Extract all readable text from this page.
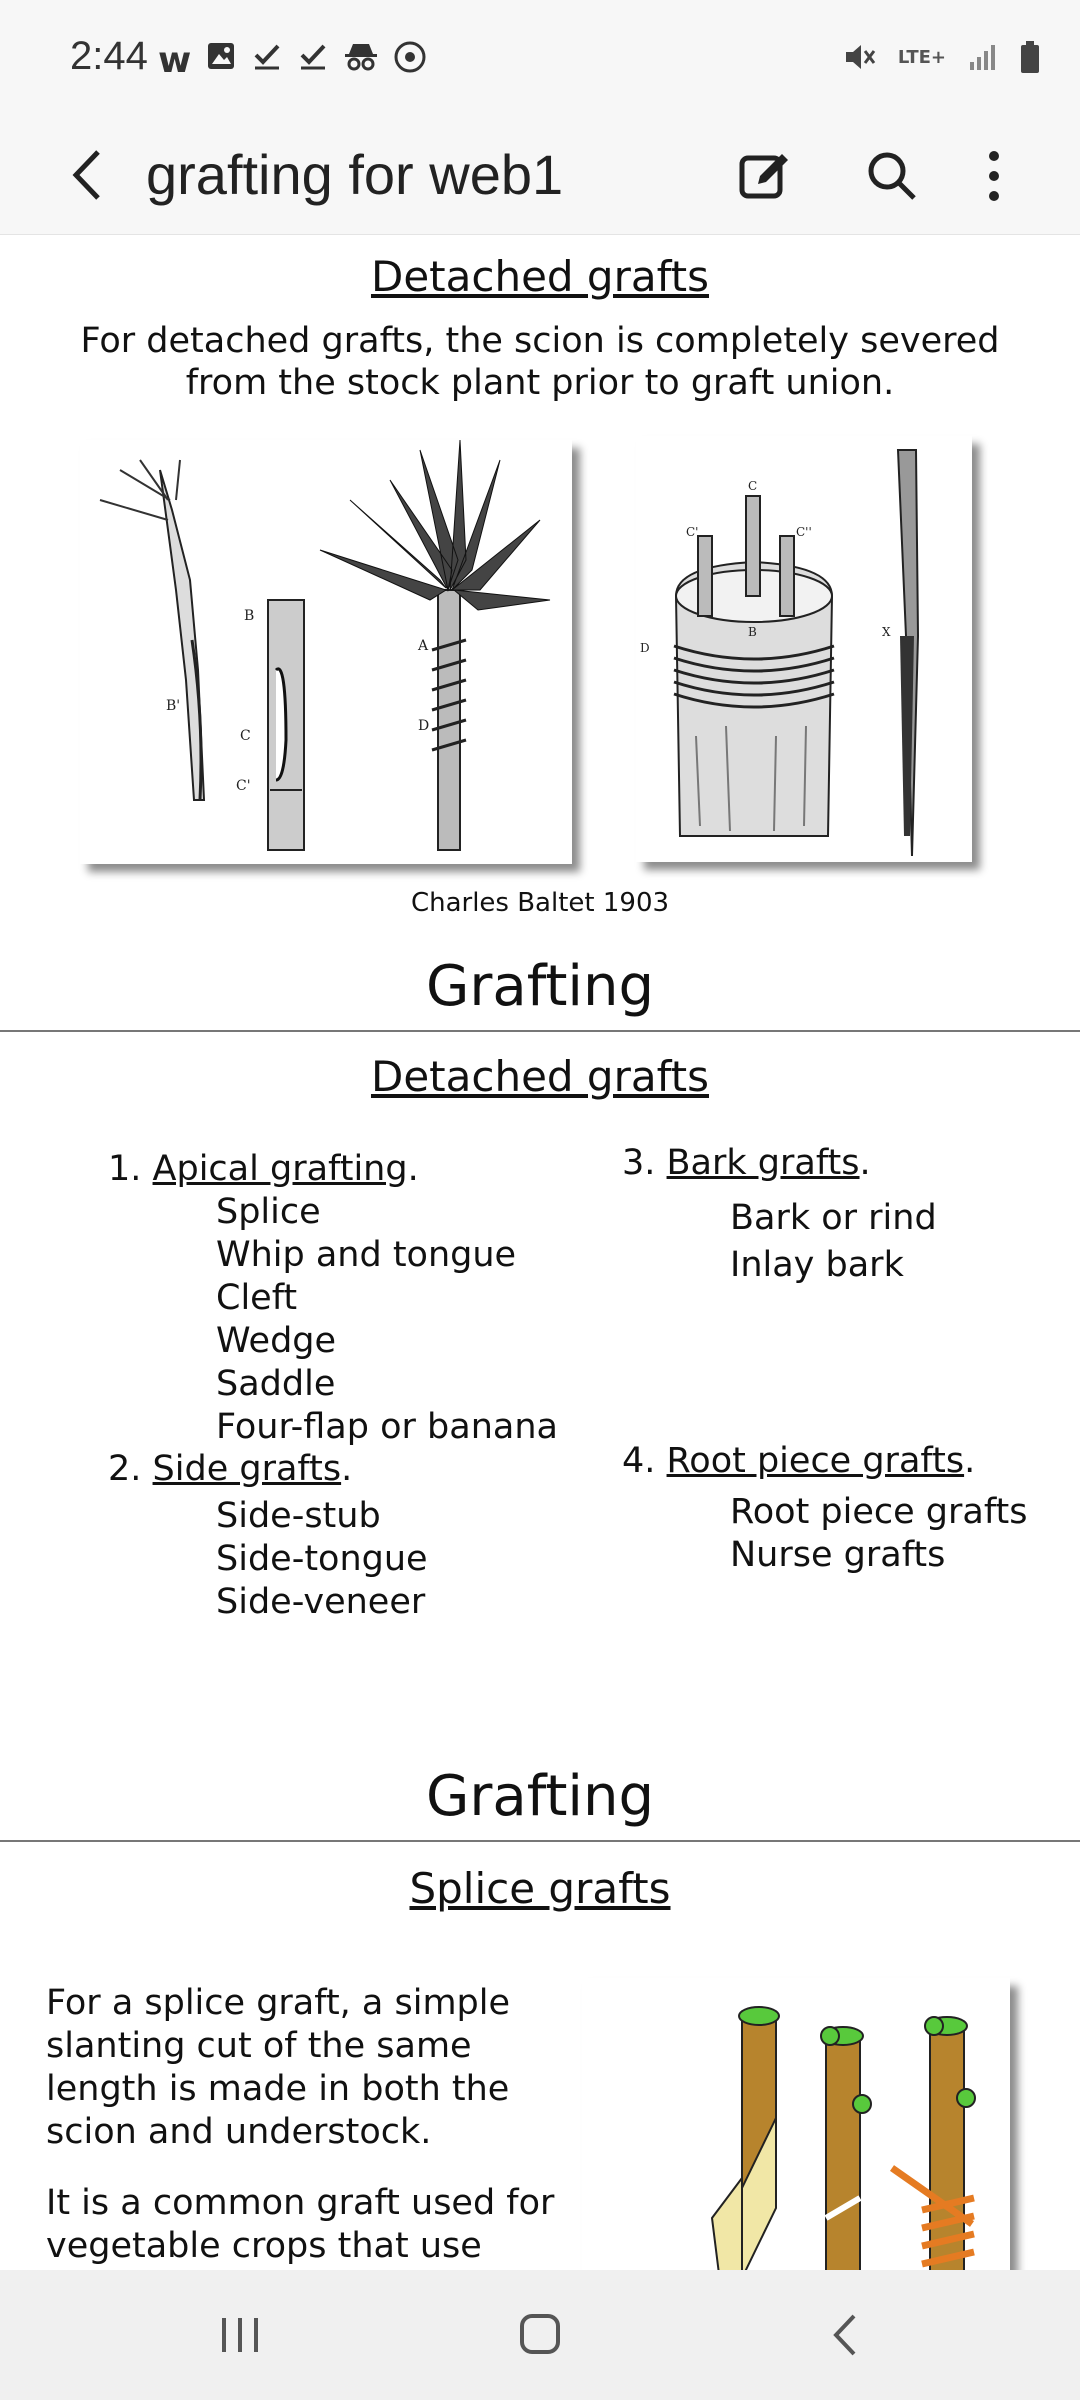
2:44 w	LTE+
grafting for web1
Detached grafts
For detached grafts, the scion is completely severed from the stock plant prior to graft union.
A
D
B
B'
C
C'
C
C'	C''
B
D
X
Charles Baltet 1903
Grafting
Detached grafts
1. Apical grafting.
Splice
Whip and tongue
Cleft
Wedge
Saddle
Four-flap or banana
2. Side grafts.
Side-stub
Side-tongue
Side-veneer
3. Bark grafts.
Bark or rind
Inlay bark
4. Root piece grafts.
Root piece grafts
Nurse grafts
Grafting
Splice grafts
For a splice graft, a simple slanting cut of the same length is made in both the scion and understock.
It is a common graft used for vegetable crops that use
